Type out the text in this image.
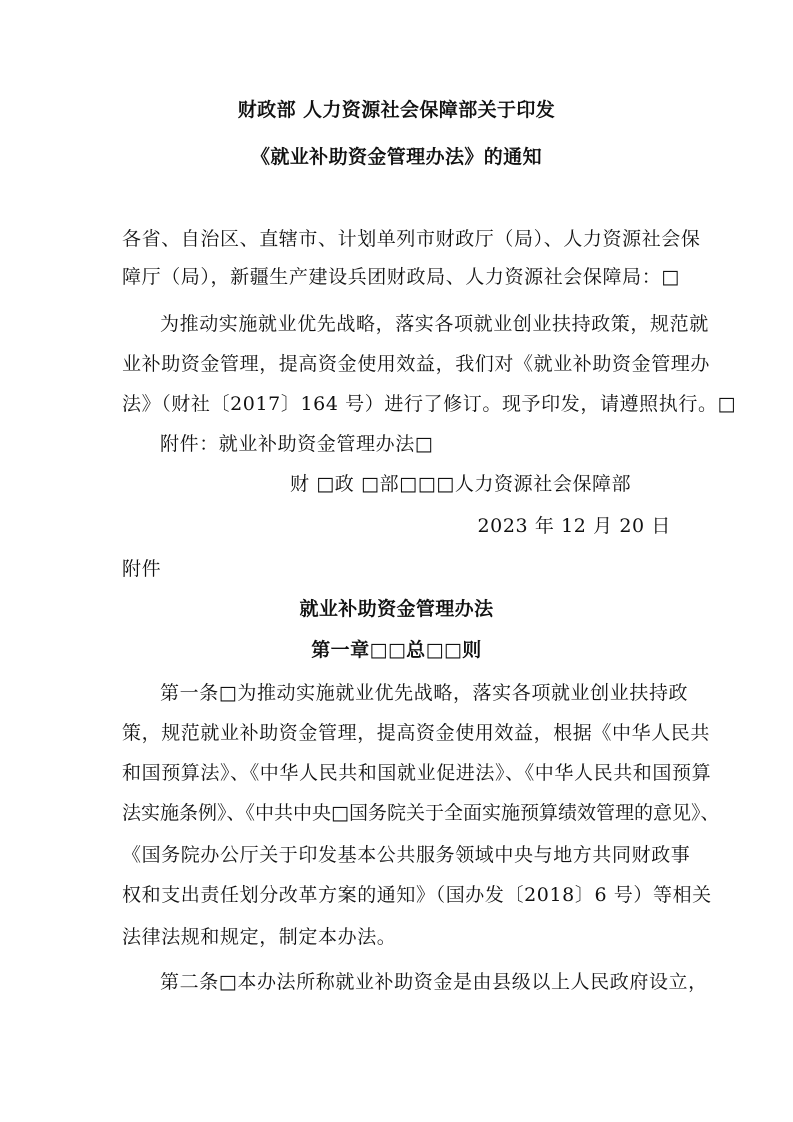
财政部 人力资源社会保障部关于印发
《就业补助资金管理办法》的通知
各省、自治区、直辖市、计划单列市财政厅（局）、人力资源社会保
障厅（局），新疆生产建设兵团财政局、人力资源社会保障局：□
为推动实施就业优先战略，落实各项就业创业扶持政策，规范就
业补助资金管理，提高资金使用效益，我们对《就业补助资金管理办
法》（财社〔2017〕164 号）进行了修订。现予印发，请遵照执行。□
附件：就业补助资金管理办法□
财 □政 □部□□□人力资源社会保障部
2023 年 12 月 20 日
附件
就业补助资金管理办法
第一章□□总□□则
第一条□为推动实施就业优先战略，落实各项就业创业扶持政
策，规范就业补助资金管理，提高资金使用效益，根据《中华人民共
和国预算法》、《中华人民共和国就业促进法》、《中华人民共和国预算
法实施条例》、《中共中央□国务院关于全面实施预算绩效管理的意见》、
《国务院办公厅关于印发基本公共服务领域中央与地方共同财政事
权和支出责任划分改革方案的通知》（国办发〔2018〕6 号）等相关
法律法规和规定，制定本办法。
第二条□本办法所称就业补助资金是由县级以上人民政府设立，
